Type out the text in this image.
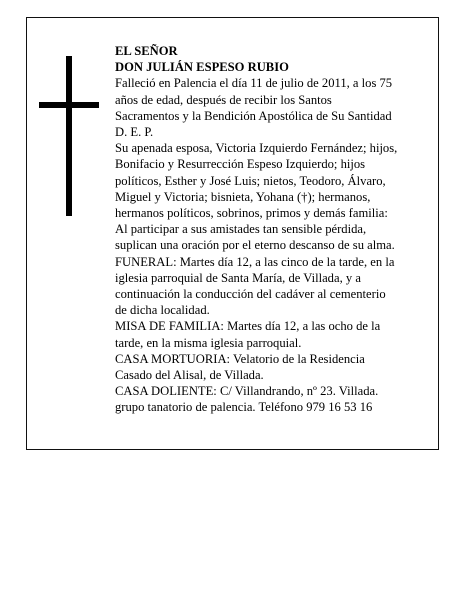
EL SEÑOR

DON JULIÁN ESPESO RUBIO

Falleció en Palencia el día 11 de julio de 2011, a los 75

años de edad, después de recibir los Santos

Sacramentos y la Bendición Apostólica de Su Santidad

D. E. P.

Su apenada esposa, Victoria Izquierdo Fernández; hijos,

Bonifacio y Resurrección Espeso Izquierdo; hijos

políticos, Esther y José Luis; nietos, Teodoro, Álvaro,

Miguel y Victoria; bisnieta, Yohana (†); hermanos,

hermanos políticos, sobrinos, primos y demás familia:

Al participar a sus amistades tan sensible pérdida,

suplican una oración por el eterno descanso de su alma.

FUNERAL: Martes día 12, a las cinco de la tarde, en la

iglesia parroquial de Santa María, de Villada, y a

continuación la conducción del cadáver al cementerio

de dicha localidad.

MISA DE FAMILIA: Martes día 12, a las ocho de la

tarde, en la misma iglesia parroquial.

CASA MORTUORIA: Velatorio de la Residencia

Casado del Alisal, de Villada.

CASA DOLIENTE: C/ Villandrando, nº 23. Villada.

grupo tanatorio de palencia. Teléfono 979 16 53 16
